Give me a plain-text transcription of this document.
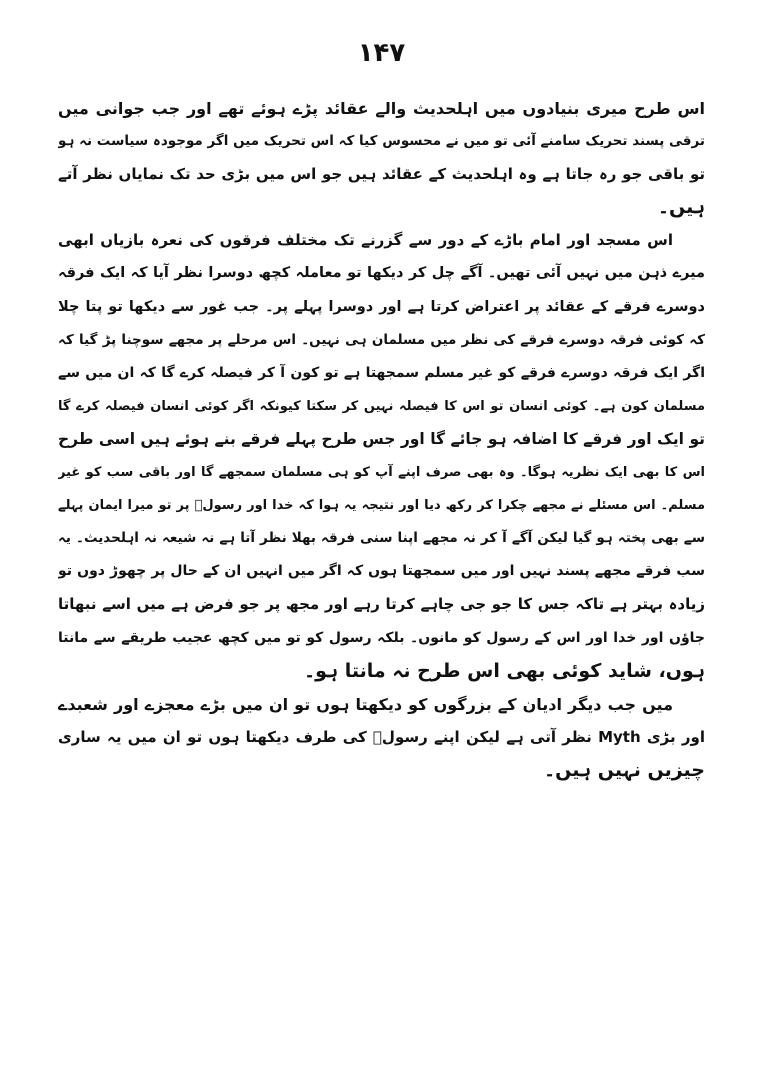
۱۴۷
اس طرح میری بنیادوں میں اہلحدیث والے عقائد پڑے ہوئے تھے اور جب جوانی میں
ترقی پسند تحریک سامنے آئی تو میں نے محسوس کیا کہ اس تحریک میں اگر موجودہ سیاست نہ ہو
تو باقی جو رہ جاتا ہے وہ اہلحدیث کے عقائد ہیں جو اس میں بڑی حد تک نمایاں نظر آتے
ہیں۔
اس مسجد اور امام باڑے کے دور سے گزرنے تک مختلف فرقوں کی نعرہ بازیاں ابھی
میرے ذہن میں نہیں آئی تھیں۔ آگے چل کر دیکھا تو معاملہ کچھ دوسرا نظر آیا کہ ایک فرقہ
دوسرے فرقے کے عقائد پر اعتراض کرتا ہے اور دوسرا پہلے پر۔ جب غور سے دیکھا تو پتا چلا
کہ کوئی فرقہ دوسرے فرقے کی نظر میں مسلمان ہی نہیں۔ اس مرحلے پر مجھے سوچنا پڑ گیا کہ
اگر ایک فرقہ دوسرے فرقے کو غیر مسلم سمجھتا ہے تو کون آ کر فیصلہ کرے گا کہ ان میں سے
مسلمان کون ہے۔ کوئی انسان تو اس کا فیصلہ نہیں کر سکتا کیونکہ اگر کوئی انسان فیصلہ کرے گا
تو ایک اور فرقے کا اضافہ ہو جائے گا اور جس طرح پہلے فرقے بنے ہوئے ہیں اسی طرح
اس کا بھی ایک نظریہ ہوگا۔ وہ بھی صرف اپنے آپ کو ہی مسلمان سمجھے گا اور باقی سب کو غیر
مسلم۔ اس مسئلے نے مجھے چکرا کر رکھ دیا اور نتیجہ یہ ہوا کہ خدا اور رسولؐ پر تو میرا ایمان پہلے
سے بھی پختہ ہو گیا لیکن آگے آ کر نہ مجھے اپنا سنی فرقہ بھلا نظر آتا ہے نہ شیعہ نہ اہلحدیث۔ یہ
سب فرقے مجھے پسند نہیں اور میں سمجھتا ہوں کہ اگر میں انہیں ان کے حال پر چھوڑ دوں تو
زیادہ بہتر ہے تاکہ جس کا جو جی چاہے کرتا رہے اور مجھ پر جو فرض ہے میں اسے نبھاتا
جاؤں اور خدا اور اس کے رسول کو مانوں۔ بلکہ رسول کو تو میں کچھ عجیب طریقے سے مانتا
ہوں، شاید کوئی بھی اس طرح نہ مانتا ہو۔
میں جب دیگر ادیان کے بزرگوں کو دیکھتا ہوں تو ان میں بڑے معجزے اور شعبدے
اور بڑی Myth نظر آتی ہے لیکن اپنے رسولؐ کی طرف دیکھتا ہوں تو ان میں یہ ساری
چیزیں نہیں ہیں۔
